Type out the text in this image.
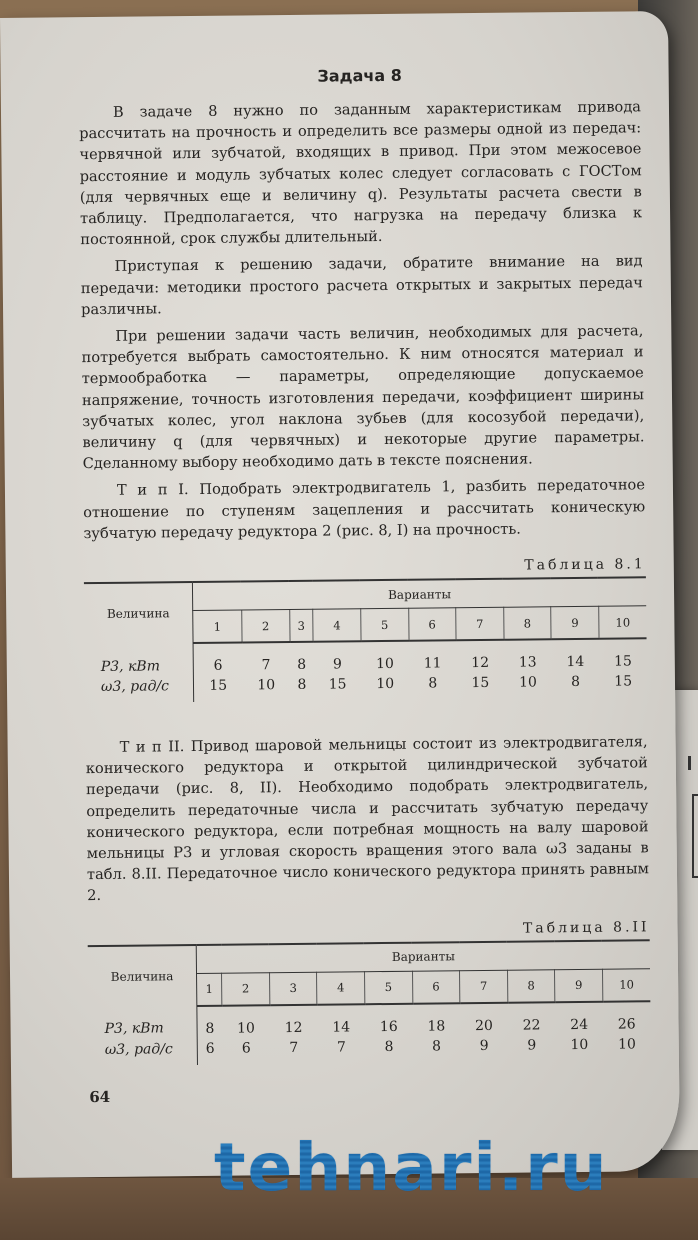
Задача 8

В задаче 8 нужно по заданным характеристикам привода рассчитать на прочность и определить все размеры одной из передач: червячной или зубчатой, входящих в привод. При этом межосевое расстояние и модуль зубчатых колес следует согласовать с ГОСТом (для червячных еще и величину q). Результаты расчета свести в таблицу. Предполагается, что нагрузка на передачу близка к постоянной, срок службы длительный.

Приступая к решению задачи, обратите внимание на вид передачи: методики простого расчета открытых и закрытых передач различны.

При решении задачи часть величин, необходимых для расчета, потребуется выбрать самостоятельно. К ним относятся материал и термообработка — параметры, определяющие допускаемое напряжение, точность изготовления передачи, коэффициент ширины зубчатых колес, угол наклона зубьев (для косозубой передачи), величину q (для червячных) и некоторые другие параметры. Сделанному выбору необходимо дать в тексте пояснения.

Т и п I. Подобрать электродвигатель 1, разбить передаточное отношение по ступеням зацепления и рассчитать коническую зубчатую передачу редуктора 2 (рис. 8, I) на прочность.

Таблица 8.1
Величина	Варианты									
	1	2	3	4	5	6	7	8	9	10
P3, кВт	6	7	8	9	10	11	12	13	14	15
ω3, рад/с	15	10	8	15	10	8	15	10	8	15

Т и п II. Привод шаровой мельницы состоит из электродвигателя, конического редуктора и открытой цилиндрической зубчатой передачи (рис. 8, II). Необходимо подобрать электродвигатель, определить передаточные числа и рассчитать зубчатую передачу конического редуктора, если потребная мощность на валу шаровой мельницы P3 и угловая скорость вращения этого вала ω3 заданы в табл. 8.II. Передаточное число конического редуктора принять равным 2.

Таблица 8.II
Величина	Варианты									
	1	2	3	4	5	6	7	8	9	10
P3, кВт	8	10	12	14	16	18	20	22	24	26
ω3, рад/с	6	6	7	7	8	8	9	9	10	10
64
tehnari.ru
